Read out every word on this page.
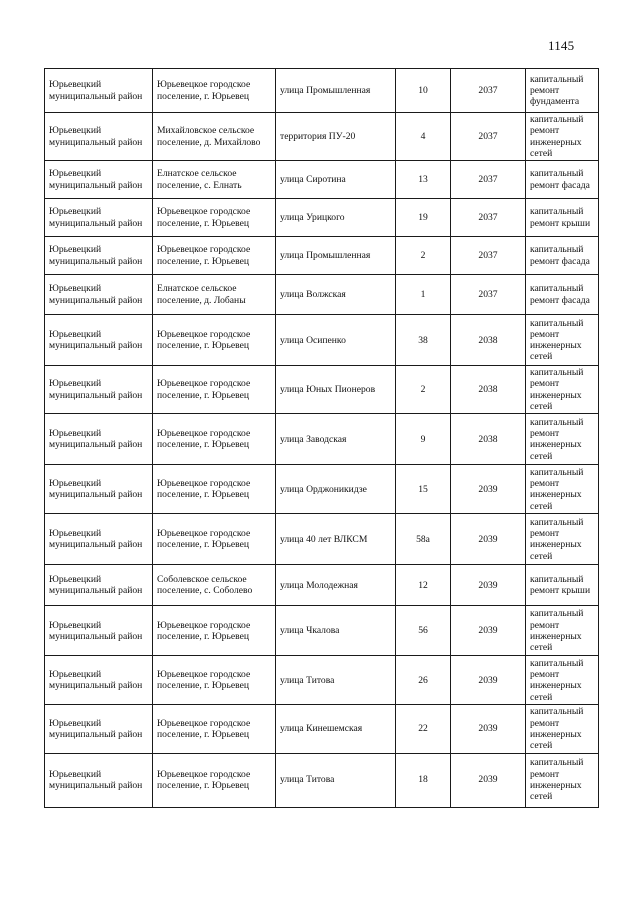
1145
Юрьевецкий муниципальный район	Юрьевецкое городское поселение, г. Юрьевец	улица Промышленная	10	2037	капитальный ремонт фундамента
Юрьевецкий муниципальный район	Михайловское сельское поселение, д. Михайлово	территория ПУ-20	4	2037	капитальный ремонт инженерных сетей
Юрьевецкий муниципальный район	Елнатское сельское поселение, с. Елнать	улица Сиротина	13	2037	капитальный ремонт фасада
Юрьевецкий муниципальный район	Юрьевецкое городское поселение, г. Юрьевец	улица Урицкого	19	2037	капитальный ремонт крыши
Юрьевецкий муниципальный район	Юрьевецкое городское поселение, г. Юрьевец	улица Промышленная	2	2037	капитальный ремонт фасада
Юрьевецкий муниципальный район	Елнатское сельское поселение, д. Лобаны	улица Волжская	1	2037	капитальный ремонт фасада
Юрьевецкий муниципальный район	Юрьевецкое городское поселение, г. Юрьевец	улица Осипенко	38	2038	капитальный ремонт инженерных сетей
Юрьевецкий муниципальный район	Юрьевецкое городское поселение, г. Юрьевец	улица Юных Пионеров	2	2038	капитальный ремонт инженерных сетей
Юрьевецкий муниципальный район	Юрьевецкое городское поселение, г. Юрьевец	улица Заводская	9	2038	капитальный ремонт инженерных сетей
Юрьевецкий муниципальный район	Юрьевецкое городское поселение, г. Юрьевец	улица Орджоникидзе	15	2039	капитальный ремонт инженерных сетей
Юрьевецкий муниципальный район	Юрьевецкое городское поселение, г. Юрьевец	улица 40 лет ВЛКСМ	58а	2039	капитальный ремонт инженерных сетей
Юрьевецкий муниципальный район	Соболевское сельское поселение, с. Соболево	улица Молодежная	12	2039	капитальный ремонт крыши
Юрьевецкий муниципальный район	Юрьевецкое городское поселение, г. Юрьевец	улица Чкалова	56	2039	капитальный ремонт инженерных сетей
Юрьевецкий муниципальный район	Юрьевецкое городское поселение, г. Юрьевец	улица Титова	26	2039	капитальный ремонт инженерных сетей
Юрьевецкий муниципальный район	Юрьевецкое городское поселение, г. Юрьевец	улица Кинешемская	22	2039	капитальный ремонт инженерных сетей
Юрьевецкий муниципальный район	Юрьевецкое городское поселение, г. Юрьевец	улица Титова	18	2039	капитальный ремонт инженерных сетей
